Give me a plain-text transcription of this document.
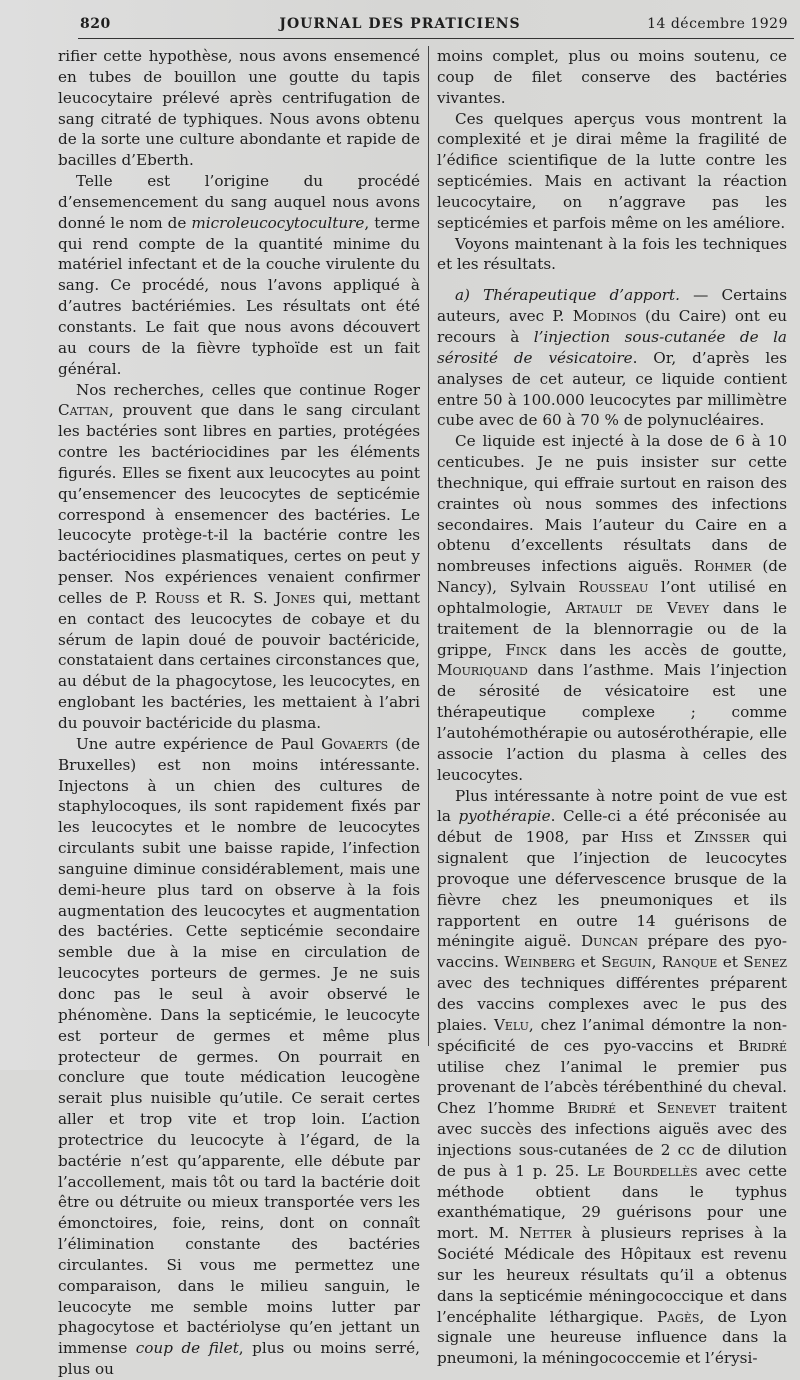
820	JOURNAL DES PRATICIENS	14 décembre 1929

rifier cette hypothèse, nous avons ensemencé en tubes de bouillon une goutte du tapis leucocytaire prélevé après centrifugation de sang citraté de typhiques. Nous avons obtenu de la sorte une culture abondante et rapide de bacilles d’Eberth.

Telle est l’origine du procédé d’ensemencement du sang auquel nous avons donné le nom de microleucocytoculture, terme qui rend compte de la quantité minime du matériel infectant et de la couche virulente du sang. Ce procédé, nous l’avons appliqué à d’autres bactériémies. Les résultats ont été constants. Le fait que nous avons découvert au cours de la fièvre typhoïde est un fait général.

Nos recherches, celles que continue Roger Cattan, prouvent que dans le sang circulant les bactéries sont libres en parties, protégées contre les bactériocidines par les éléments figurés. Elles se fixent aux leucocytes au point qu’ensemencer des leucocytes de septicémie correspond à ensemencer des bactéries. Le leucocyte protège-t-il la bactérie contre les bactériocidines plasmatiques, certes on peut y penser. Nos expériences venaient confirmer celles de P. Rouss et R. S. Jones qui, mettant en contact des leucocytes de cobaye et du sérum de lapin doué de pouvoir bactéricide, constataient dans certaines circonstances que, au début de la phagocytose, les leucocytes, en englobant les bactéries, les mettaient à l’abri du pouvoir bactéricide du plasma.

Une autre expérience de Paul Govaerts (de Bruxelles) est non moins intéressante. Injectons à un chien des cultures de staphylocoques, ils sont rapidement fixés par les leucocytes et le nombre de leucocytes circulants subit une baisse rapide, l’infection sanguine diminue considérablement, mais une demi-heure plus tard on observe à la fois augmentation des leucocytes et augmentation des bactéries. Cette septicémie secondaire semble due à la mise en circulation de leucocytes porteurs de germes. Je ne suis donc pas le seul à avoir observé le phénomène. Dans la septicémie, le leucocyte est porteur de germes et même plus protecteur de germes. On pourrait en conclure que toute médication leucogène serait plus nuisible qu’utile. Ce serait certes aller et trop vite et trop loin. L’action protectrice du leucocyte à l’égard, de la bactérie n’est qu’apparente, elle débute par l’accollement, mais tôt ou tard la bactérie doit être ou détruite ou mieux transportée vers les émonctoires, foie, reins, dont on connaît l’élimination constante des bactéries circulantes. Si vous me permettez une comparaison, dans le milieu sanguin, le leucocyte me semble moins lutter par phagocytose et bactériolyse qu’en jettant un immense coup de filet, plus ou moins serré, plus ou

moins complet, plus ou moins soutenu, ce coup de filet conserve des bactéries vivantes.

Ces quelques aperçus vous montrent la complexité et je dirai même la fragilité de l’édifice scientifique de la lutte contre les septicémies. Mais en activant la réaction leucocytaire, on n’aggrave pas les septicémies et parfois même on les améliore.

Voyons maintenant à la fois les techniques et les résultats.

a) Thérapeutique d’apport. — Certains auteurs, avec P. Modinos (du Caire) ont eu recours à l’injection sous-cutanée de la sérosité de vésicatoire. Or, d’après les analyses de cet auteur, ce liquide contient entre 50 à 100.000 leucocytes par millimètre cube avec de 60 à 70 % de polynucléaires.

Ce liquide est injecté à la dose de 6 à 10 centicubes. Je ne puis insister sur cette thechnique, qui effraie surtout en raison des craintes où nous sommes des infections secondaires. Mais l’auteur du Caire en a obtenu d’excellents résultats dans de nombreuses infections aiguës. Rohmer (de Nancy), Sylvain Rousseau l’ont utilisé en ophtalmologie, Artault de Vevey dans le traitement de la blennorragie ou de la grippe, Finck dans les accès de goutte, Mouriquand dans l’asthme. Mais l’injection de sérosité de vésicatoire est une thérapeutique complexe ; comme l’autohémothérapie ou autosérothérapie, elle associe l’action du plasma à celles des leucocytes.

Plus intéressante à notre point de vue est la pyothérapie. Celle-ci a été préconisée au début de 1908, par Hiss et Zinsser qui signalent que l’injection de leucocytes provoque une défervescence brusque de la fièvre chez les pneumoniques et ils rapportent en outre 14 guérisons de méningite aiguë. Duncan prépare des pyo-vaccins. Weinberg et Seguin, Ranque et Senez avec des techniques différentes préparent des vaccins complexes avec le pus des plaies. Velu, chez l’animal démontre la non-spécificité de ces pyo-vaccins et Bridré utilise chez l’animal le premier pus provenant de l’abcès térébenthiné du cheval. Chez l’homme Bridré et Senevet traitent avec succès des infections aiguës avec des injections sous-cutanées de 2 cc de dilution de pus à 1 p. 25. Le Bourdellès avec cette méthode obtient dans le typhus exanthématique, 29 guérisons pour une mort. M. Netter à plusieurs reprises à la Société Médicale des Hôpitaux est revenu sur les heureux résultats qu’il a obtenus dans la septicémie méningococcique et dans l’encéphalite léthargique. Pagès, de Lyon signale une heureuse influence dans la pneumoni, la méningococcemie et l’érysi-
